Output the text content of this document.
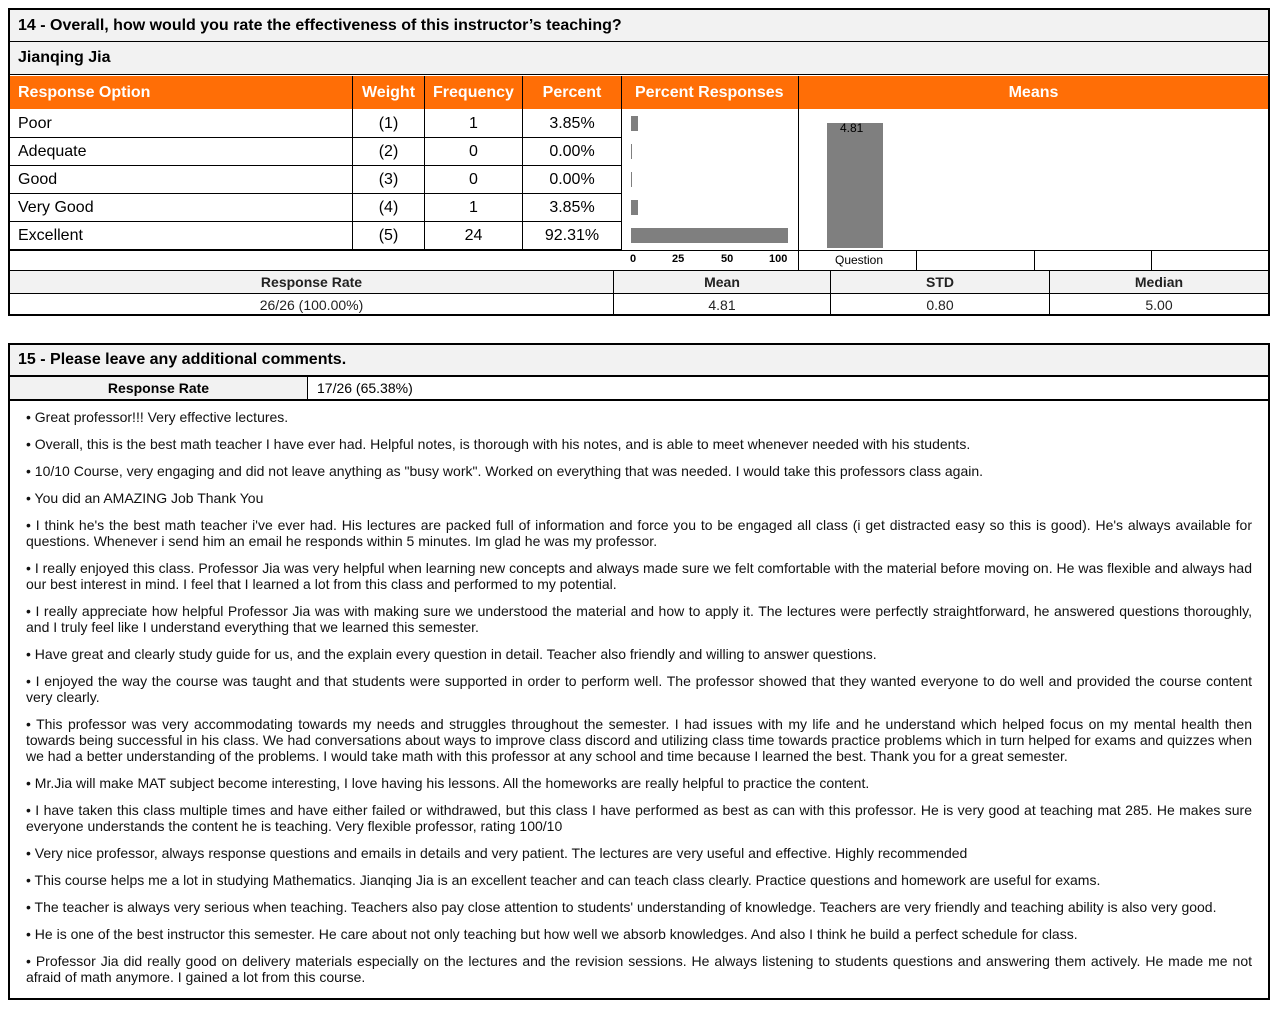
14 - Overall, how would you rate the effectiveness of this instructor’s teaching?
Jianqing Jia
Response Option	Weight	Frequency	Percent	Percent Responses	Means
0	25	50	100
4.81
Question
Response Rate	Mean	STD	Median
26/26 (100.00%)	4.81	0.80	5.00
Poor	(1)	1	3.85%
Adequate	(2)	0	0.00%
Good	(3)	0	0.00%
Very Good	(4)	1	3.85%
Excellent	(5)	24	92.31%
15 - Please leave any additional comments.
Response Rate	17/26 (65.38%)

• Great professor!!! Very effective lectures.

• Overall, this is the best math teacher I have ever had. Helpful notes, is thorough with his notes, and is able to meet whenever needed with his students.

• 10/10 Course, very engaging and did not leave anything as "busy work". Worked on everything that was needed. I would take this professors class again.

• You did an AMAZING Job Thank You

• I think he's the best math teacher i've ever had. His lectures are packed full of information and force you to be engaged all class (i get distracted easy so this is good). He's always available for questions. Whenever i send him an email he responds within 5 minutes. Im glad he was my professor.

• I really enjoyed this class. Professor Jia was very helpful when learning new concepts and always made sure we felt comfortable with the material before moving on. He was flexible and always had our best interest in mind. I feel that I learned a lot from this class and performed to my potential.

• I really appreciate how helpful Professor Jia was with making sure we understood the material and how to apply it. The lectures were perfectly straightforward, he answered questions thoroughly, and I truly feel like I understand everything that we learned this semester.

• Have great and clearly study guide for us, and the explain every question in detail. Teacher also friendly and willing to answer questions.

• I enjoyed the way the course was taught and that students were supported in order to perform well. The professor showed that they wanted everyone to do well and provided the course content very clearly.

• This professor was very accommodating towards my needs and struggles throughout the semester. I had issues with my life and he understand which helped focus on my mental health then towards being successful in his class. We had conversations about ways to improve class discord and utilizing class time towards practice problems which in turn helped for exams and quizzes when we had a better understanding of the problems. I would take math with this professor at any school and time because I learned the best. Thank you for a great semester.

• Mr.Jia will make MAT subject become interesting, I love having his lessons. All the homeworks are really helpful to practice the content.

• I have taken this class multiple times and have either failed or withdrawed, but this class I have performed as best as can with this professor. He is very good at teaching mat 285. He makes sure everyone understands the content he is teaching. Very flexible professor, rating 100/10

• Very nice professor, always response questions and emails in details and very patient. The lectures are very useful and effective. Highly recommended

• This course helps me a lot in studying Mathematics. Jianqing Jia is an excellent teacher and can teach class clearly. Practice questions and homework are useful for exams.

• The teacher is always very serious when teaching. Teachers also pay close attention to students' understanding of knowledge. Teachers are very friendly and teaching ability is also very good.

• He is one of the best instructor this semester. He care about not only teaching but how well we absorb knowledges. And also I think he build a perfect schedule for class.

• Professor Jia did really good on delivery materials especially on the lectures and the revision sessions. He always listening to students questions and answering them actively. He made me not afraid of math anymore. I gained a lot from this course.
